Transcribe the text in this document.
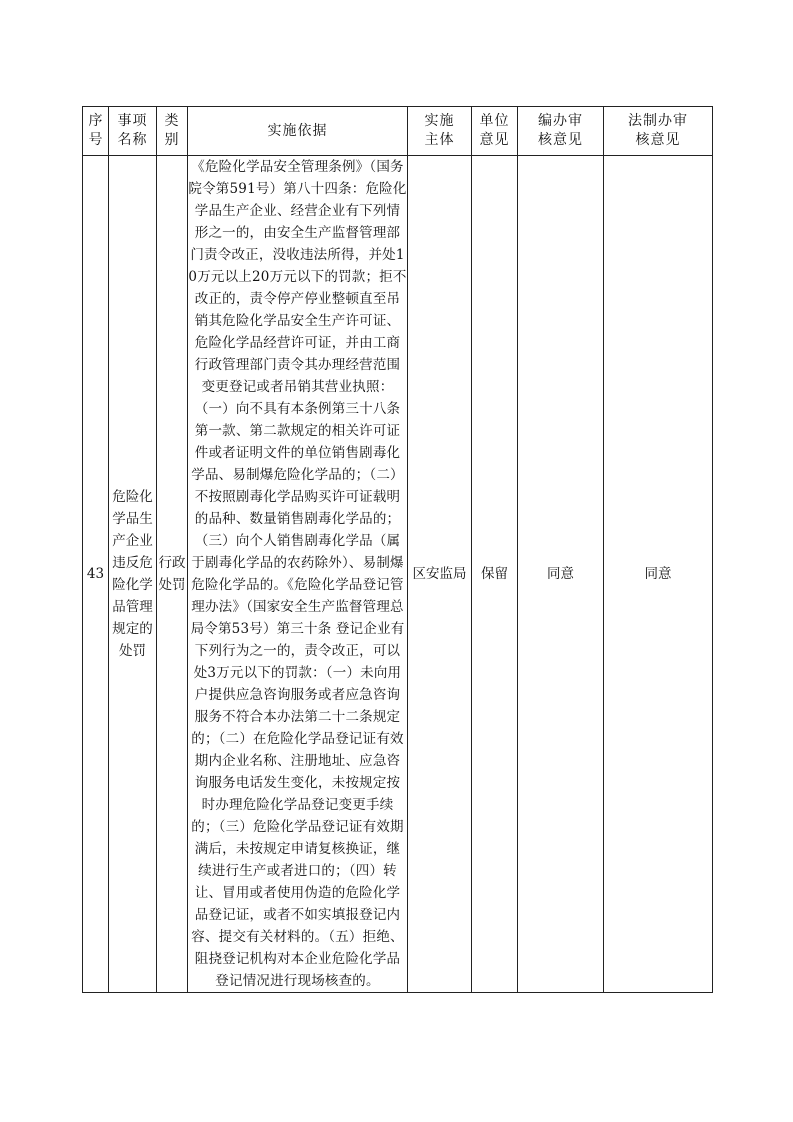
序号	事项名称	类别	实施依据	实施主体	单位意见	编办审核意见	法制办审核意见

43	危险化学品生产企业违反危险化学品管理规定的处罚	行政处罚	《危险化学品安全管理条例》（国务院令第591号）第八十四条：危险化学品生产企业、经营企业有下列情形之一的，由安全生产监督管理部门责令改正，没收违法所得，并处10万元以上20万元以下的罚款；拒不改正的，责令停产停业整顿直至吊销其危险化学品安全生产许可证、危险化学品经营许可证，并由工商行政管理部门责令其办理经营范围变更登记或者吊销其营业执照：（一）向不具有本条例第三十八条第一款、第二款规定的相关许可证件或者证明文件的单位销售剧毒化学品、易制爆危险化学品的；（二）不按照剧毒化学品购买许可证载明的品种、数量销售剧毒化学品的；（三）向个人销售剧毒化学品（属于剧毒化学品的农药除外）、易制爆危险化学品的。《危险化学品登记管理办法》（国家安全生产监督管理总局令第53号）第三十条 登记企业有下列行为之一的，责令改正，可以处3万元以下的罚款：（一）未向用户提供应急咨询服务或者应急咨询服务不符合本办法第二十二条规定的；（二）在危险化学品登记证有效期内企业名称、注册地址、应急咨询服务电话发生变化，未按规定按时办理危险化学品登记变更手续的；（三）危险化学品登记证有效期满后，未按规定申请复核换证，继续进行生产或者进口的；（四）转让、冒用或者使用伪造的危险化学品登记证，或者不如实填报登记内容、提交有关材料的。（五）拒绝、阻挠登记机构对本企业危险化学品登记情况进行现场核查的。	区安监局	保留	同意	同意
